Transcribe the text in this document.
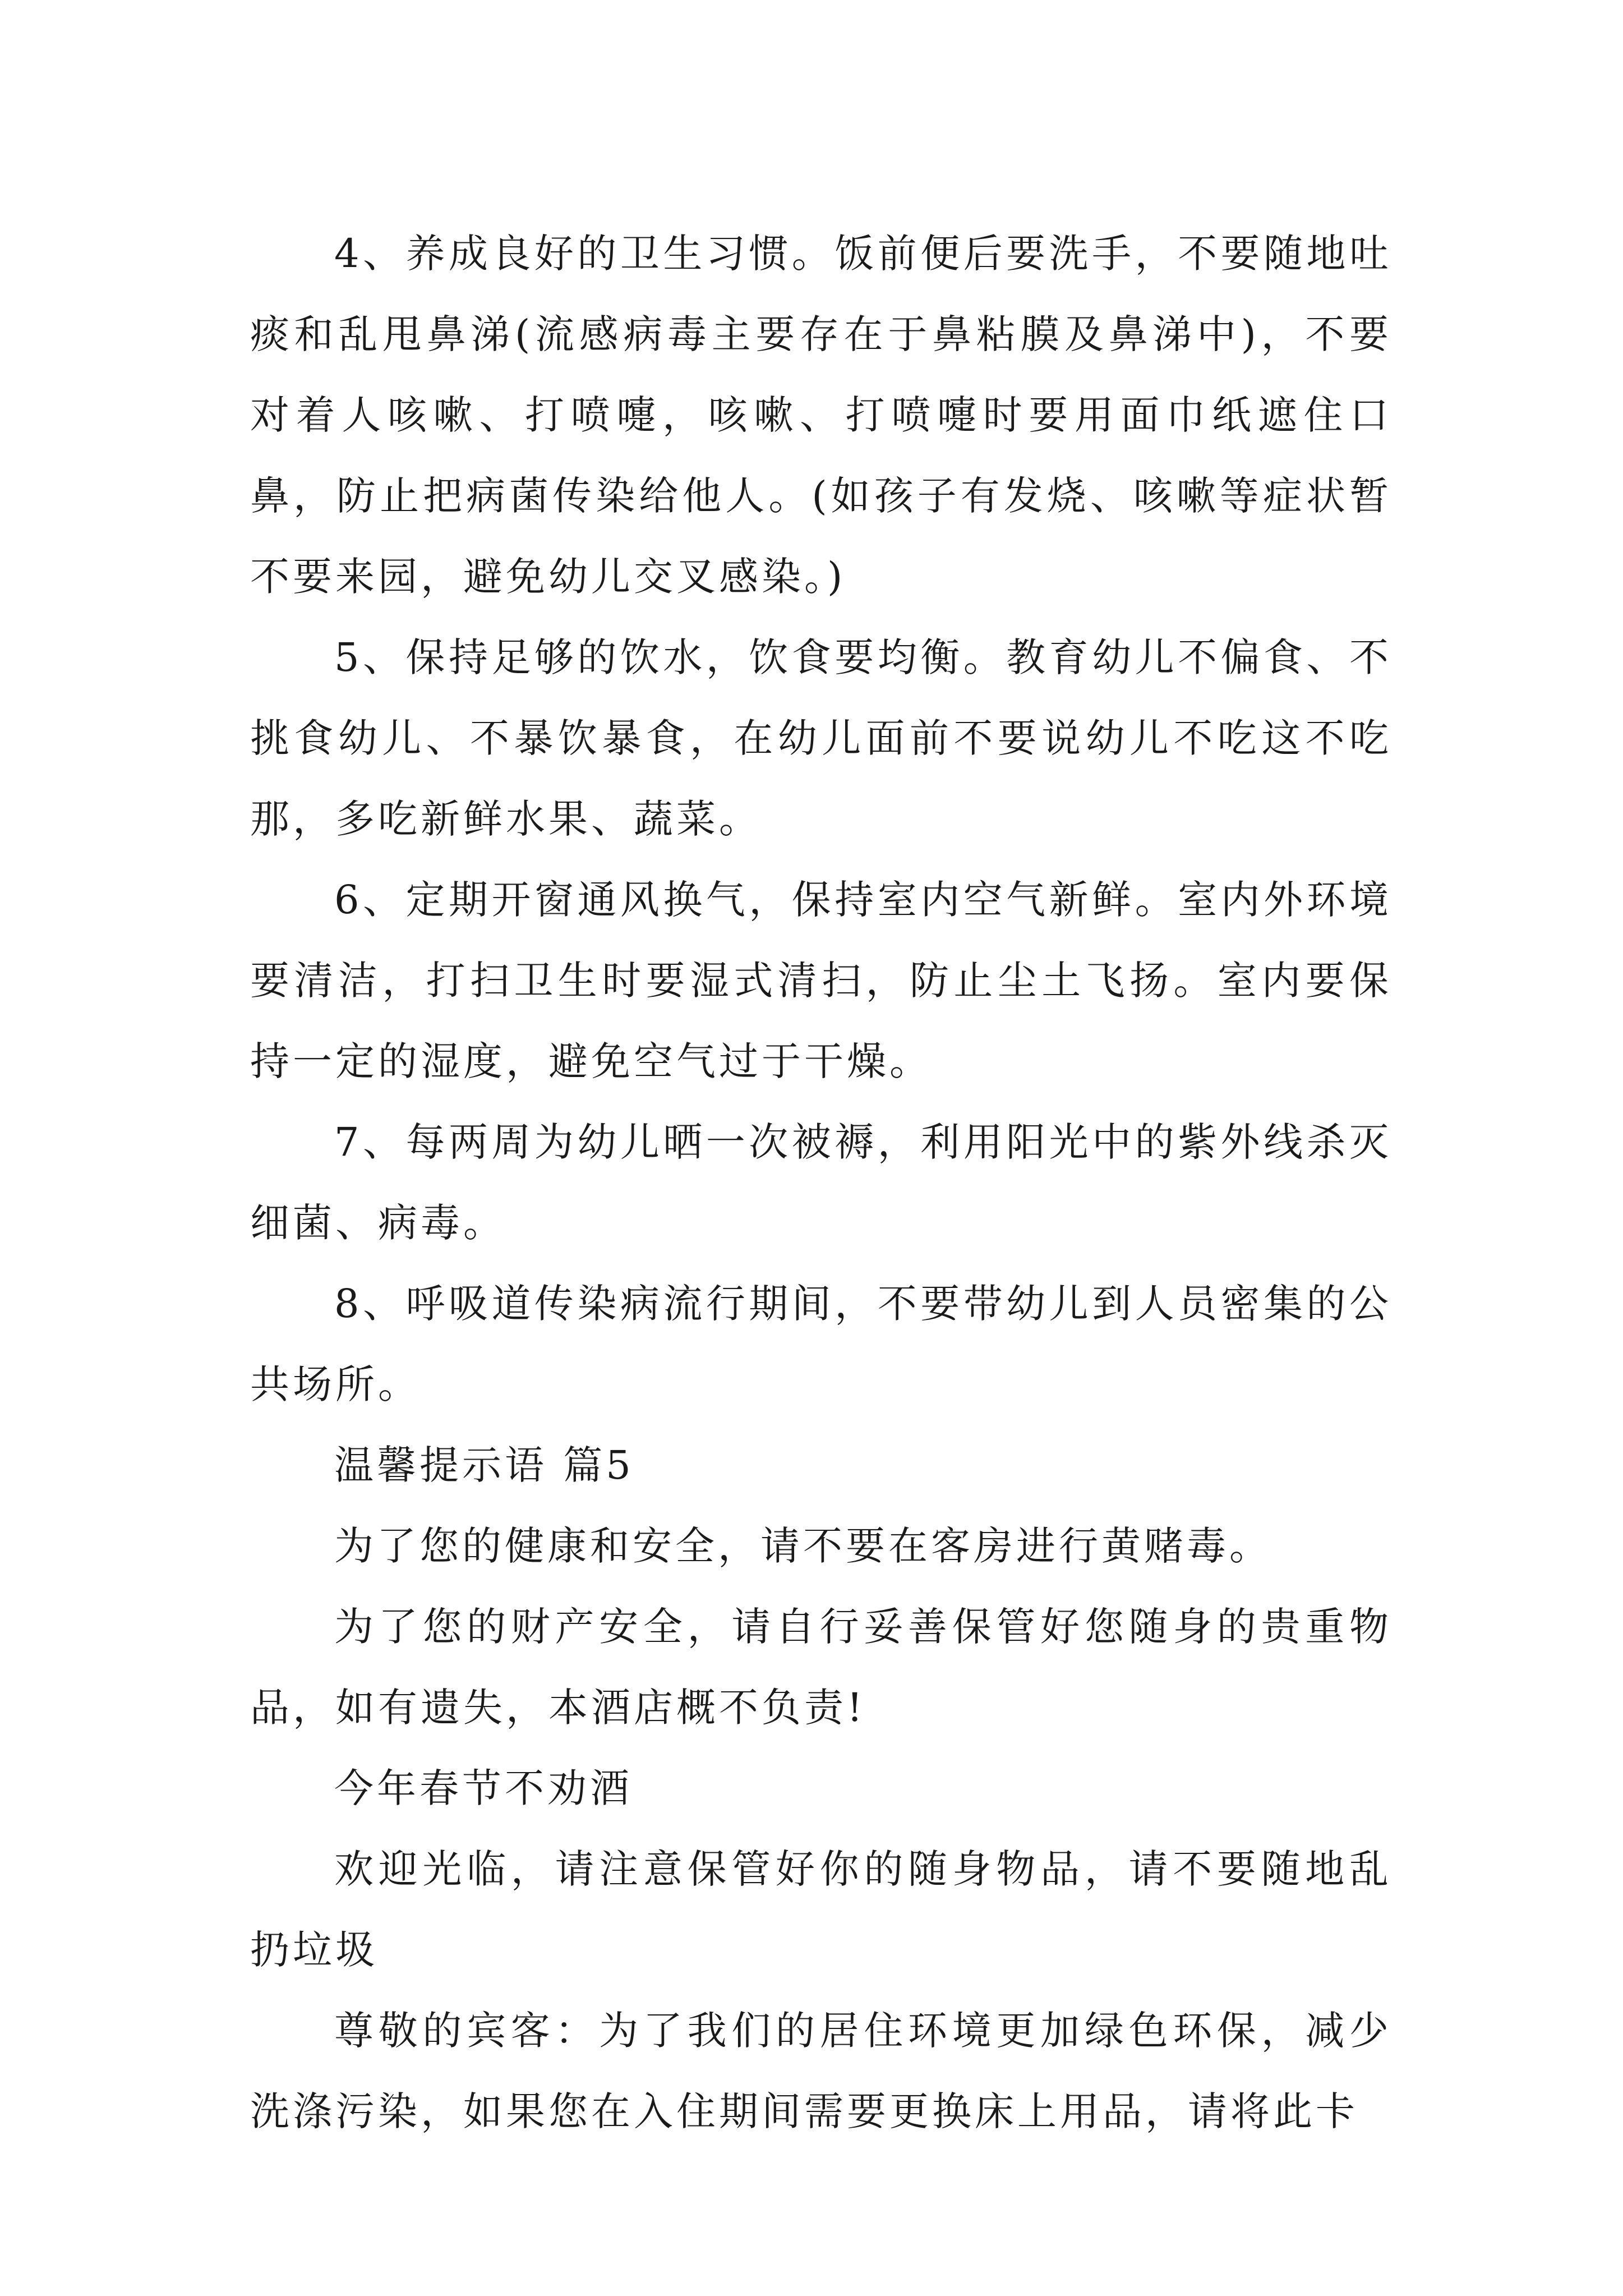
4、养成良好的卫生习惯。饭前便后要洗手，不要随地吐痰和乱甩鼻涕(流感病毒主要存在于鼻粘膜及鼻涕中)，不要对着人咳嗽、打喷嚏，咳嗽、打喷嚏时要用面巾纸遮住口鼻，防止把病菌传染给他人。(如孩子有发烧、咳嗽等症状暂不要来园，避免幼儿交叉感染。)

5、保持足够的饮水，饮食要均衡。教育幼儿不偏食、不挑食幼儿、不暴饮暴食，在幼儿面前不要说幼儿不吃这不吃那，多吃新鲜水果、蔬菜。

6、定期开窗通风换气，保持室内空气新鲜。室内外环境要清洁，打扫卫生时要湿式清扫，防止尘土飞扬。室内要保持一定的湿度，避免空气过于干燥。

7、每两周为幼儿晒一次被褥，利用阳光中的紫外线杀灭细菌、病毒。

8、呼吸道传染病流行期间，不要带幼儿到人员密集的公共场所。

温馨提示语 篇5

为了您的健康和安全，请不要在客房进行黄赌毒。

为了您的财产安全，请自行妥善保管好您随身的贵重物品，如有遗失，本酒店概不负责!

今年春节不劝酒

欢迎光临，请注意保管好你的随身物品，请不要随地乱扔垃圾

尊敬的宾客：为了我们的居住环境更加绿色环保，减少洗涤污染，如果您在入住期间需要更换床上用品，请将此卡
